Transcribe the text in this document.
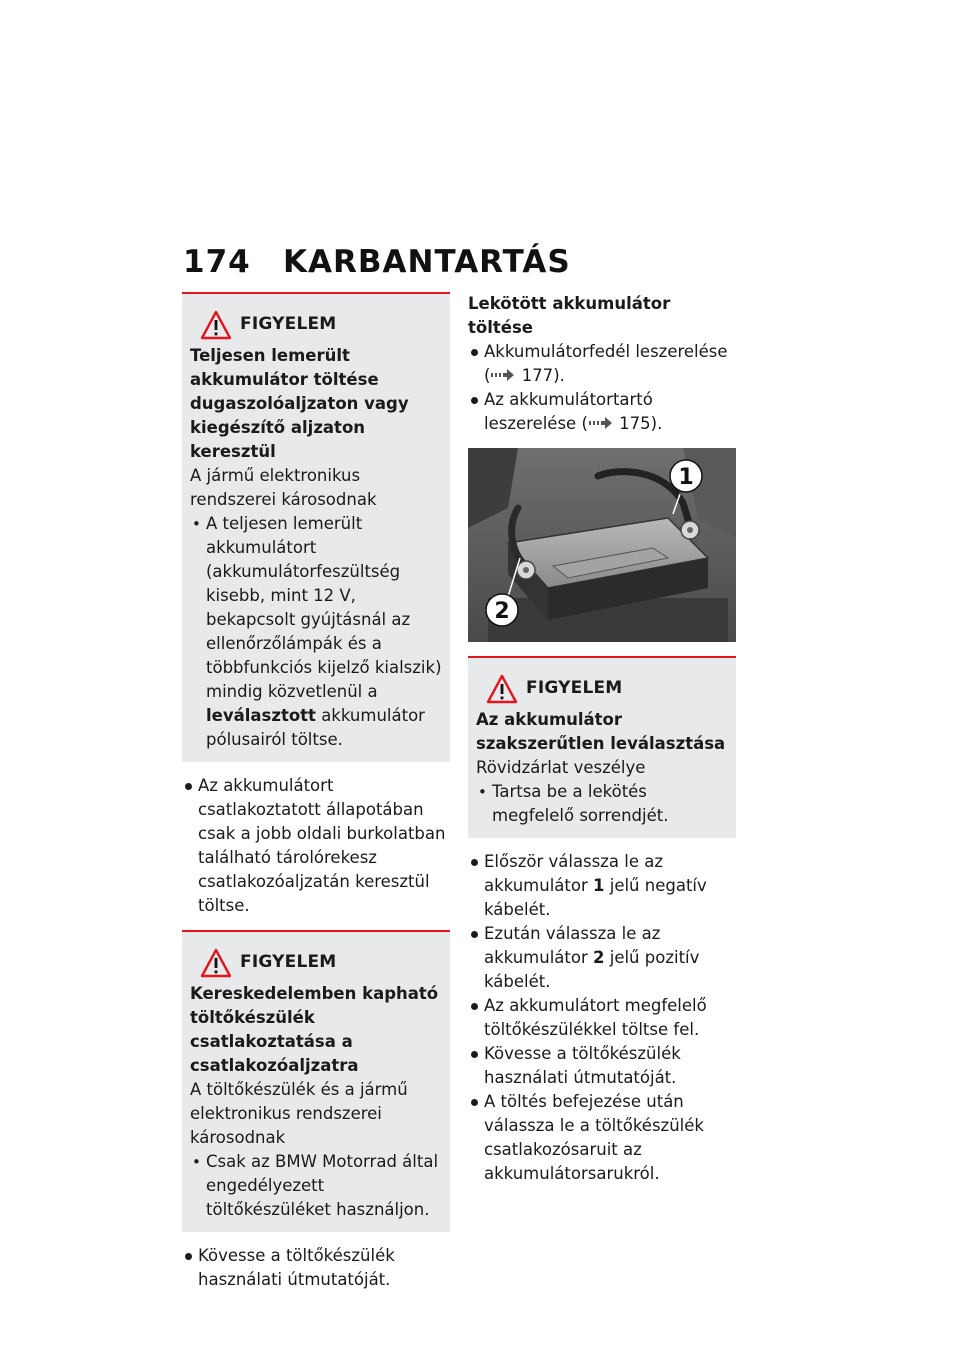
174 KARBANTARTÁS
FIGYELEM
Teljesen lemerült akkumulátor töltése dugaszolóaljzaton vagy kiegészítő aljzaton keresztül
A jármű elektronikus rendszerei károsodnak
• A teljesen lemerült akkumulátort (akkumulátorfeszültség kisebb, mint 12 V, bekapcsolt gyújtásnál az ellenőrzőlámpák és a többfunkciós kijelző kialszik) mindig közvetlenül a leválasztott akkumulátor pólusairól töltse.
Az akkumulátort csatlakoztatott állapotában csak a jobb oldali burkolatban található tárolórekesz csatlakozóaljzatán keresztül töltse.
FIGYELEM
Kereskedelemben kapható töltőkészülék csatlakoztatása a csatlakozóaljzatra
A töltőkészülék és a jármű elektronikus rendszerei károsodnak
• Csak az BMW Motorrad által engedélyezett töltőkészüléket használjon.
Kövesse a töltőkészülék használati útmutatóját.
Lekötött akkumulátor töltése
Akkumulátorfedél leszerelése ( 177).
Az akkumulátortartó leszerelése ( 175).
1
2
FIGYELEM
Az akkumulátor szakszerűtlen leválasztása
Rövidzárlat veszélye
• Tartsa be a lekötés megfelelő sorrendjét.
Először válassza le az akkumulátor 1 jelű negatív kábelét.
Ezután válassza le az akkumulátor 2 jelű pozitív kábelét.
Az akkumulátort megfelelő töltőkészülékkel töltse fel.
Kövesse a töltőkészülék használati útmutatóját.
A töltés befejezése után válassza le a töltőkészülék csatlakozósaruit az akkumulátorsarukról.
